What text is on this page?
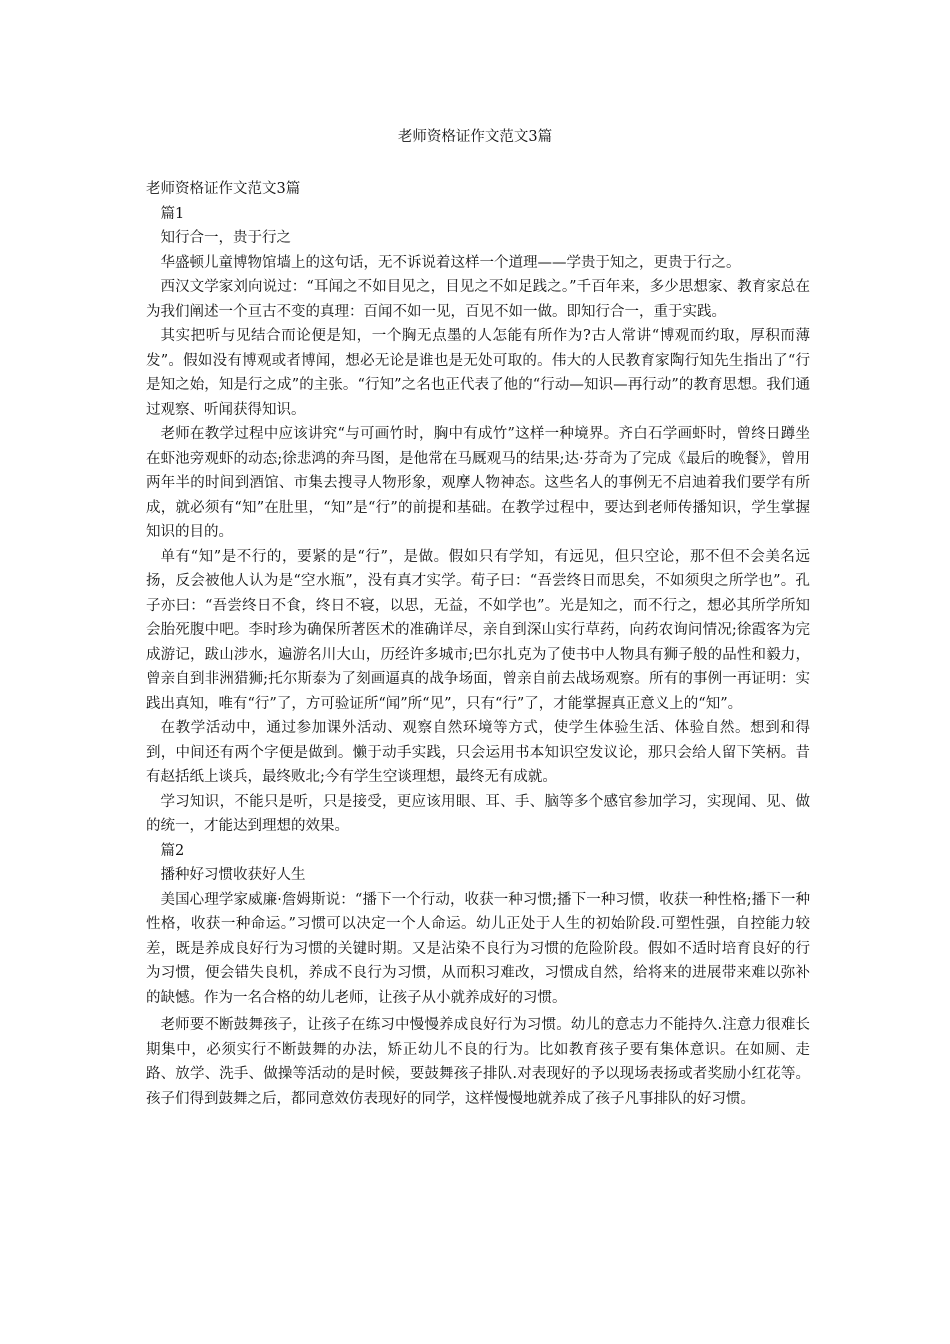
老师资格证作文范文3篇

老师资格证作文范文3篇

篇1

知行合一，贵于行之

华盛顿儿童博物馆墙上的这句话，无不诉说着这样一个道理——学贵于知之，更贵于行之。

西汉文学家刘向说过：“耳闻之不如目见之，目见之不如足践之。”千百年来，多少思想家、教育家总在为我们阐述一个亘古不变的真理：百闻不如一见，百见不如一做。即知行合一，重于实践。

其实把听与见结合而论便是知，一个胸无点墨的人怎能有所作为?古人常讲“博观而约取，厚积而薄发”。假如没有博观或者博闻，想必无论是谁也是无处可取的。伟大的人民教育家陶行知先生指出了“行是知之始，知是行之成”的主张。“行知”之名也正代表了他的“行动—知识—再行动”的教育思想。我们通过观察、听闻获得知识。

老师在教学过程中应该讲究“与可画竹时，胸中有成竹”这样一种境界。齐白石学画虾时，曾终日蹲坐在虾池旁观虾的动态;徐悲鸿的奔马图，是他常在马厩观马的结果;达·芬奇为了完成《最后的晚餐》，曾用两年半的时间到酒馆、市集去搜寻人物形象，观摩人物神态。这些名人的事例无不启迪着我们要学有所成，就必须有“知”在肚里，“知”是“行”的前提和基础。在教学过程中，要达到老师传播知识，学生掌握知识的目的。

单有“知”是不行的，要紧的是“行”，是做。假如只有学知，有远见，但只空论，那不但不会美名远扬，反会被他人认为是“空水瓶”，没有真才实学。荀子曰：“吾尝终日而思矣，不如须臾之所学也”。孔子亦曰：“吾尝终日不食，终日不寝，以思，无益，不如学也”。光是知之，而不行之，想必其所学所知会胎死腹中吧。李时珍为确保所著医术的准确详尽，亲自到深山实行草药，向药农询问情况;徐霞客为完成游记，跋山涉水，遍游名川大山，历经许多城市;巴尔扎克为了使书中人物具有狮子般的品性和毅力，曾亲自到非洲猎狮;托尔斯泰为了刻画逼真的战争场面，曾亲自前去战场观察。所有的事例一再证明：实践出真知，唯有“行”了，方可验证所“闻”所“见”，只有“行”了，才能掌握真正意义上的“知”。

在教学活动中，通过参加课外活动、观察自然环境等方式，使学生体验生活、体验自然。想到和得到，中间还有两个字便是做到。懒于动手实践，只会运用书本知识空发议论，那只会给人留下笑柄。昔有赵括纸上谈兵，最终败北;今有学生空谈理想，最终无有成就。

学习知识，不能只是听，只是接受，更应该用眼、耳、手、脑等多个感官参加学习，实现闻、见、做的统一，才能达到理想的效果。

篇2

播种好习惯收获好人生

美国心理学家威廉·詹姆斯说：“播下一个行动，收获一种习惯;播下一种习惯，收获一种性格;播下一种性格，收获一种命运。”习惯可以决定一个人命运。幼儿正处于人生的初始阶段.可塑性强，自控能力较差，既是养成良好行为习惯的关键时期。又是沾染不良行为习惯的危险阶段。假如不适时培育良好的行为习惯，便会错失良机，养成不良行为习惯，从而积习难改，习惯成自然，给将来的进展带来难以弥补的缺憾。作为一名合格的幼儿老师，让孩子从小就养成好的习惯。

老师要不断鼓舞孩子，让孩子在练习中慢慢养成良好行为习惯。幼儿的意志力不能持久.注意力很难长期集中，必须实行不断鼓舞的办法，矫正幼儿不良的行为。比如教育孩子要有集体意识。在如厕、走路、放学、洗手、做操等活动的是时候，要鼓舞孩子排队.对表现好的予以现场表扬或者奖励小红花等。孩子们得到鼓舞之后，都同意效仿表现好的同学，这样慢慢地就养成了孩子凡事排队的好习惯。
